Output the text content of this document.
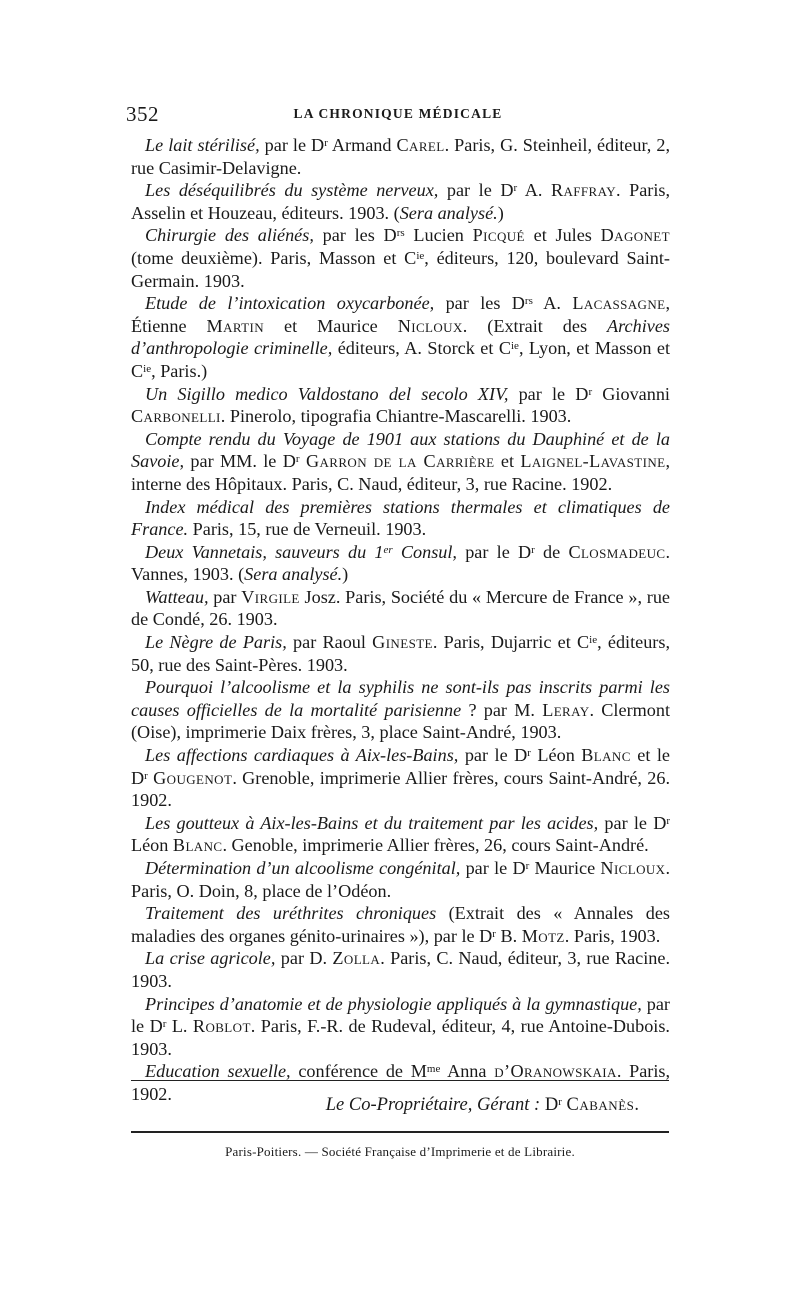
352	LA CHRONIQUE MÉDICALE

Le lait stérilisé, par le $D^r$ Armand Carel. Paris, G. Steinheil, éditeur, 2, rue Casimir-Delavigne.

Les déséquilibrés du système nerveux, par le $D^r$ A. Raffray. Paris, Asselin et Houzeau, éditeurs. 1903. (Sera analysé.)

Chirurgie des aliénés, par les $D^{rs}$ Lucien Picqué et Jules Dagonet (tome deuxième). Paris, Masson et $C^{ie}$, éditeurs, 120, boulevard Saint-Germain. 1903.

Etude de l’intoxication oxycarbonée, par les $D^{rs}$ A. Lacassagne, Étienne Martin et Maurice Nicloux. (Extrait des Archives d’anthropologie criminelle, éditeurs, A. Storck et $C^{ie}$, Lyon, et Masson et $C^{ie}$, Paris.)

Un Sigillo medico Valdostano del secolo XIV, par le $D^r$ Giovanni Carbonelli. Pinerolo, tipografia Chiantre-Mascarelli. 1903.

Compte rendu du Voyage de 1901 aux stations du Dauphiné et de la Savoie, par MM. le $D^r$ Garron de la Carrière et Laignel-Lavastine, interne des Hôpitaux. Paris, C. Naud, éditeur, 3, rue Racine. 1902.

Index médical des premières stations thermales et climatiques de France. Paris, 15, rue de Verneuil. 1903.

Deux Vannetais, sauveurs du 1er Consul, par le $D^r$ de Closmadeuc. Vannes, 1903. (Sera analysé.)

Watteau, par Virgile Josz. Paris, Société du « Mercure de France », rue de Condé, 26. 1903.

Le Nègre de Paris, par Raoul Gineste. Paris, Dujarric et $C^{ie}$, éditeurs, 50, rue des Saint-Pères. 1903.

Pourquoi l’alcoolisme et la syphilis ne sont-ils pas inscrits parmi les causes officielles de la mortalité parisienne ? par M. Leray. Clermont (Oise), imprimerie Daix frères, 3, place Saint-André, 1903.

Les affections cardiaques à Aix-les-Bains, par le $D^r$ Léon Blanc et le $D^r$ Gougenot. Grenoble, imprimerie Allier frères, cours Saint-André, 26. 1902.

Les goutteux à Aix-les-Bains et du traitement par les acides, par le $D^r$ Léon Blanc. Genoble, imprimerie Allier frères, 26, cours Saint-André.

Détermination d’un alcoolisme congénital, par le $D^r$ Maurice Nicloux. Paris, O. Doin, 8, place de l’Odéon.

Traitement des uréthrites chroniques (Extrait des « Annales des maladies des organes génito-urinaires »), par le $D^r$ B. Motz. Paris, 1903.

La crise agricole, par D. Zolla. Paris, C. Naud, éditeur, 3, rue Racine. 1903.

Principes d’anatomie et de physiologie appliqués à la gymnastique, par le $D^r$ L. Roblot. Paris, F.-R. de Rudeval, éditeur, 4, rue Antoine-Dubois. 1903.

Education sexuelle, conférence de $M^{me}$ Anna d’Oranowskaia. Paris, 1902.

Le Co-Propriétaire, Gérant : $D^r$ Cabanès.
Paris-Poitiers. — Société Française d’Imprimerie et de Librairie.
